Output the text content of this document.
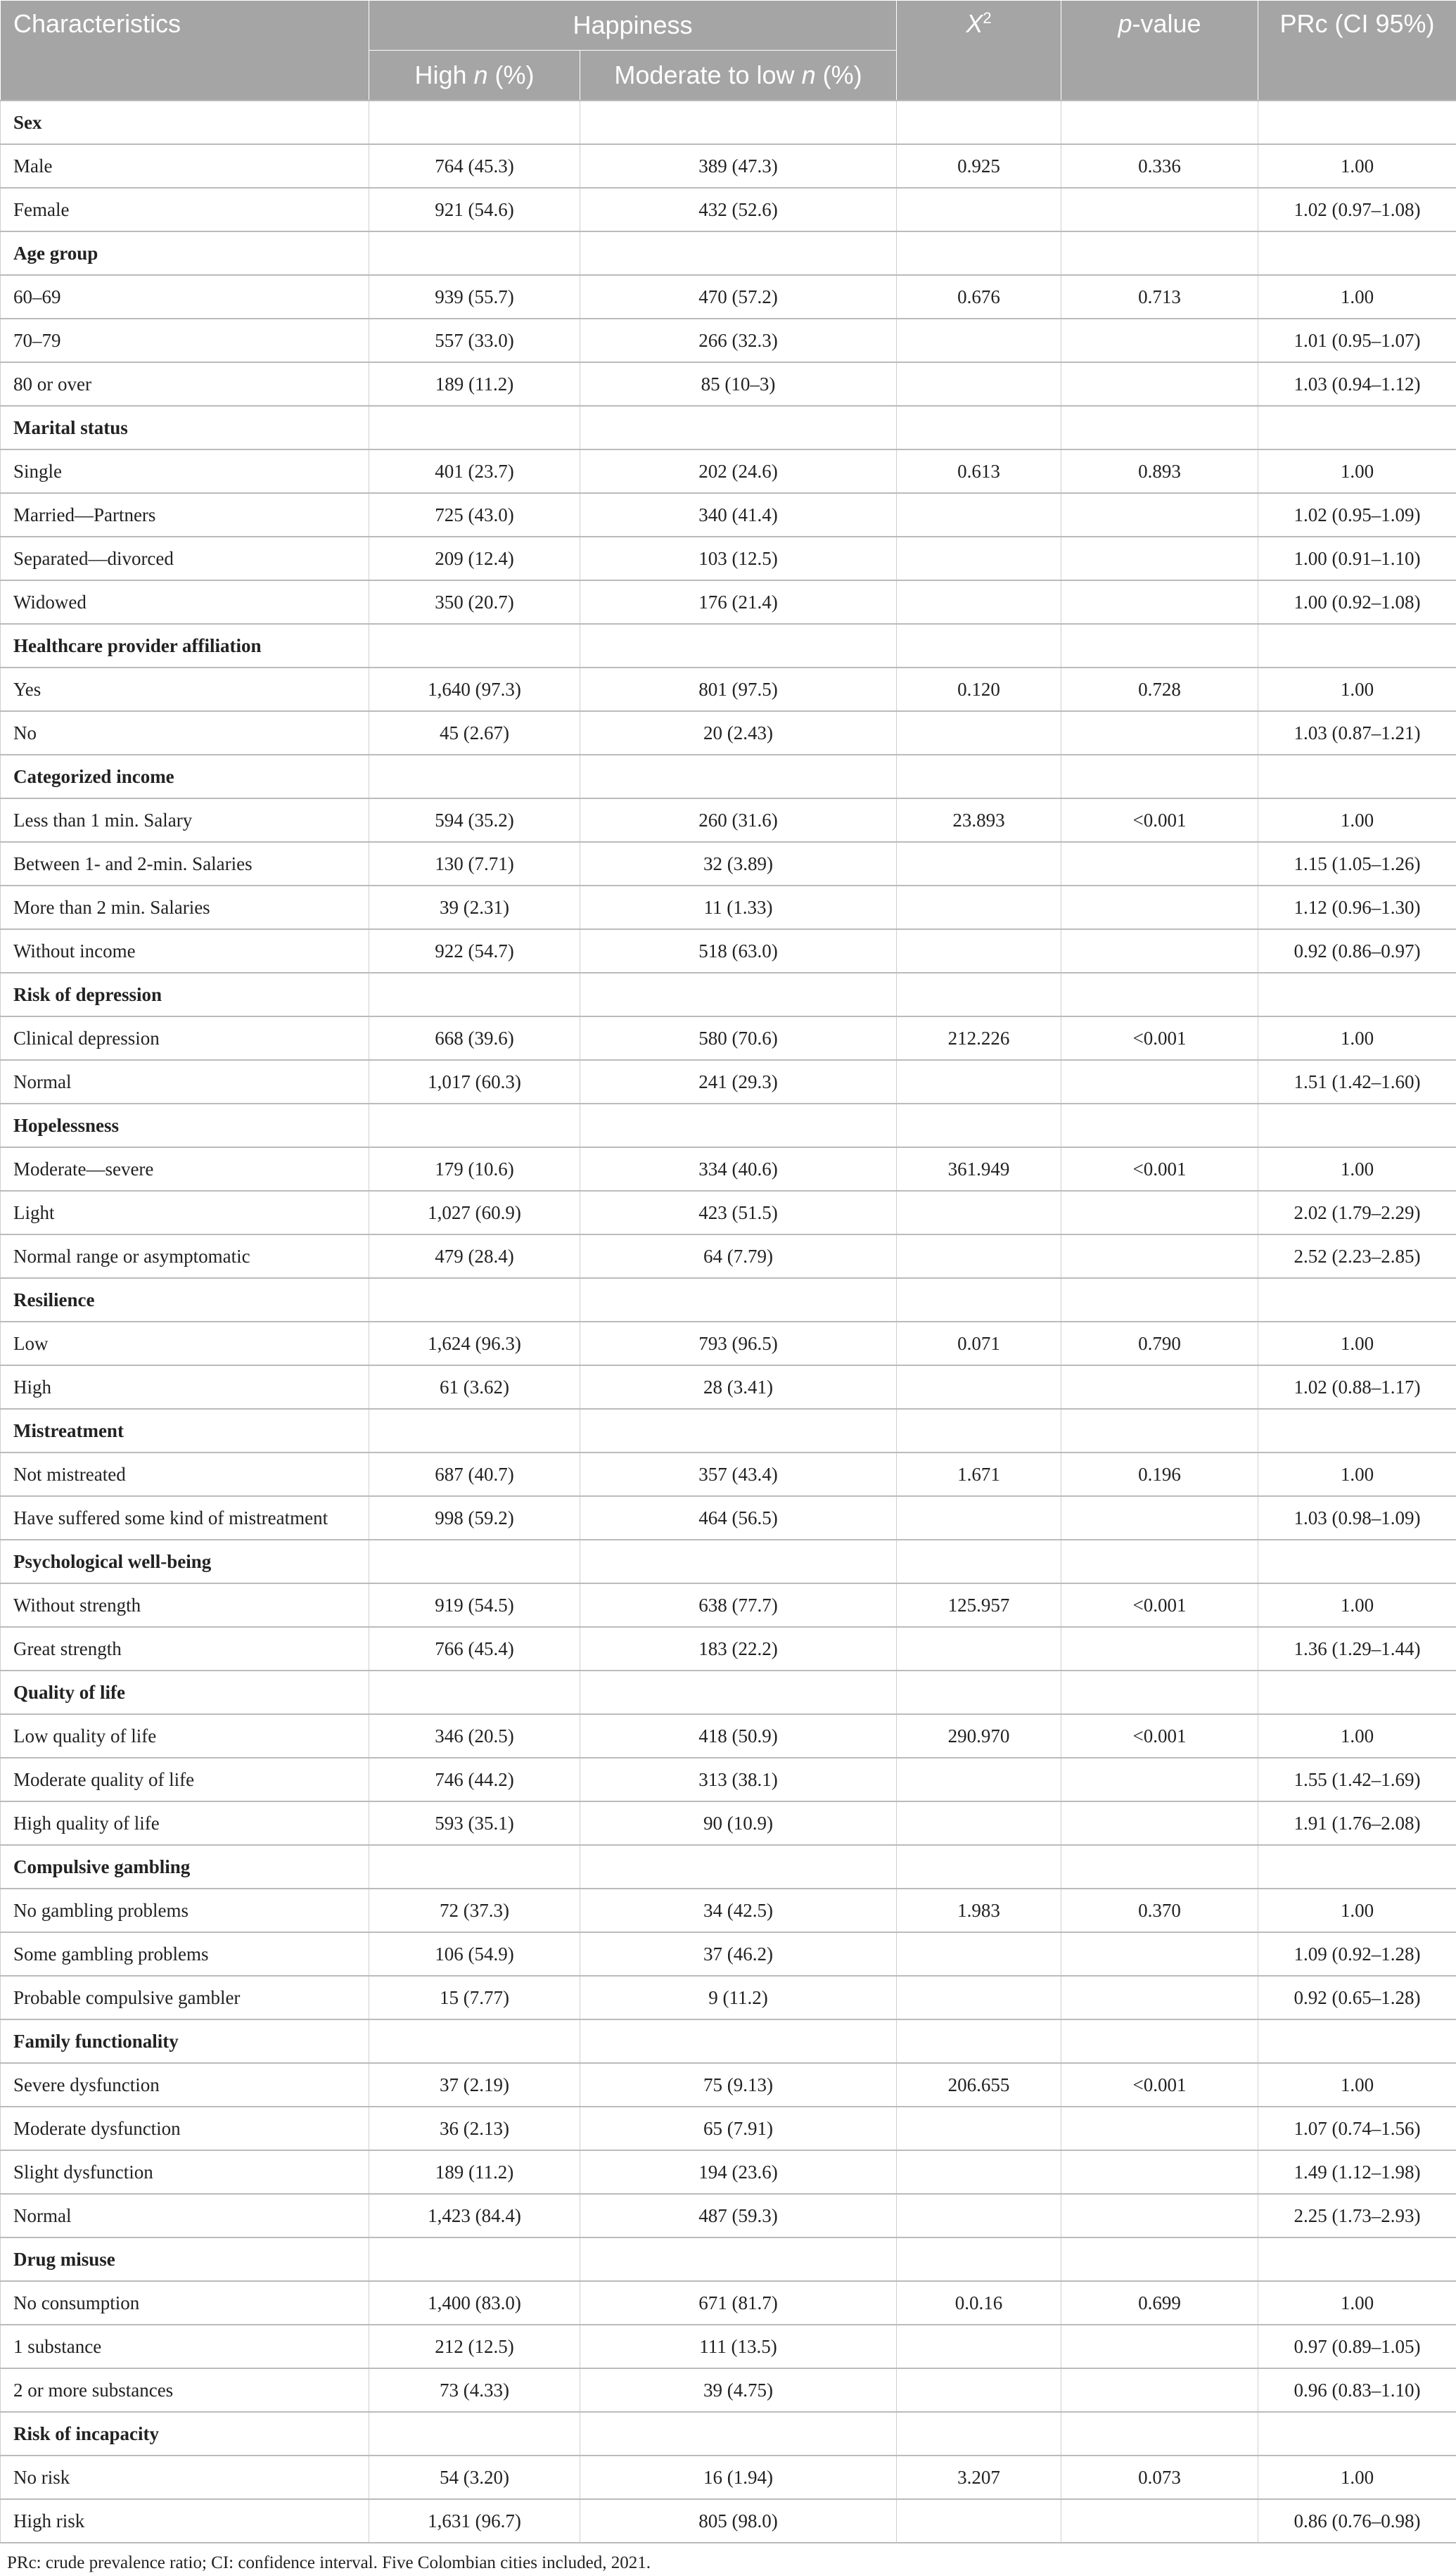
Characteristics	Happiness		$X^2$	p-value	PRc (CI 95%)
	High n (%)	Moderate to low n (%)			
Sex					
Male	764 (45.3)	389 (47.3)	0.925	0.336	1.00
Female	921 (54.6)	432 (52.6)			1.02 (0.97–1.08)
Age group					
60–69	939 (55.7)	470 (57.2)	0.676	0.713	1.00
70–79	557 (33.0)	266 (32.3)			1.01 (0.95–1.07)
80 or over	189 (11.2)	85 (10–3)			1.03 (0.94–1.12)
Marital status					
Single	401 (23.7)	202 (24.6)	0.613	0.893	1.00
Married—Partners	725 (43.0)	340 (41.4)			1.02 (0.95–1.09)
Separated—divorced	209 (12.4)	103 (12.5)			1.00 (0.91–1.10)
Widowed	350 (20.7)	176 (21.4)			1.00 (0.92–1.08)
Healthcare provider affiliation					
Yes	1,640 (97.3)	801 (97.5)	0.120	0.728	1.00
No	45 (2.67)	20 (2.43)			1.03 (0.87–1.21)
Categorized income					
Less than 1 min. Salary	594 (35.2)	260 (31.6)	23.893	<0.001	1.00
Between 1- and 2-min. Salaries	130 (7.71)	32 (3.89)			1.15 (1.05–1.26)
More than 2 min. Salaries	39 (2.31)	11 (1.33)			1.12 (0.96–1.30)
Without income	922 (54.7)	518 (63.0)			0.92 (0.86–0.97)
Risk of depression					
Clinical depression	668 (39.6)	580 (70.6)	212.226	<0.001	1.00
Normal	1,017 (60.3)	241 (29.3)			1.51 (1.42–1.60)
Hopelessness					
Moderate—severe	179 (10.6)	334 (40.6)	361.949	<0.001	1.00
Light	1,027 (60.9)	423 (51.5)			2.02 (1.79–2.29)
Normal range or asymptomatic	479 (28.4)	64 (7.79)			2.52 (2.23–2.85)
Resilience					
Low	1,624 (96.3)	793 (96.5)	0.071	0.790	1.00
High	61 (3.62)	28 (3.41)			1.02 (0.88–1.17)
Mistreatment					
Not mistreated	687 (40.7)	357 (43.4)	1.671	0.196	1.00
Have suffered some kind of mistreatment	998 (59.2)	464 (56.5)			1.03 (0.98–1.09)
Psychological well-being					
Without strength	919 (54.5)	638 (77.7)	125.957	<0.001	1.00
Great strength	766 (45.4)	183 (22.2)			1.36 (1.29–1.44)
Quality of life					
Low quality of life	346 (20.5)	418 (50.9)	290.970	<0.001	1.00
Moderate quality of life	746 (44.2)	313 (38.1)			1.55 (1.42–1.69)
High quality of life	593 (35.1)	90 (10.9)			1.91 (1.76–2.08)
Compulsive gambling					
No gambling problems	72 (37.3)	34 (42.5)	1.983	0.370	1.00
Some gambling problems	106 (54.9)	37 (46.2)			1.09 (0.92–1.28)
Probable compulsive gambler	15 (7.77)	9 (11.2)			0.92 (0.65–1.28)
Family functionality					
Severe dysfunction	37 (2.19)	75 (9.13)	206.655	<0.001	1.00
Moderate dysfunction	36 (2.13)	65 (7.91)			1.07 (0.74–1.56)
Slight dysfunction	189 (11.2)	194 (23.6)			1.49 (1.12–1.98)
Normal	1,423 (84.4)	487 (59.3)			2.25 (1.73–2.93)
Drug misuse					
No consumption	1,400 (83.0)	671 (81.7)	0.0.16	0.699	1.00
1 substance	212 (12.5)	111 (13.5)			0.97 (0.89–1.05)
2 or more substances	73 (4.33)	39 (4.75)			0.96 (0.83–1.10)
Risk of incapacity					
No risk	54 (3.20)	16 (1.94)	3.207	0.073	1.00
High risk	1,631 (96.7)	805 (98.0)			0.86 (0.76–0.98)
PRc: crude prevalence ratio; CI: confidence interval. Five Colombian cities included, 2021.
